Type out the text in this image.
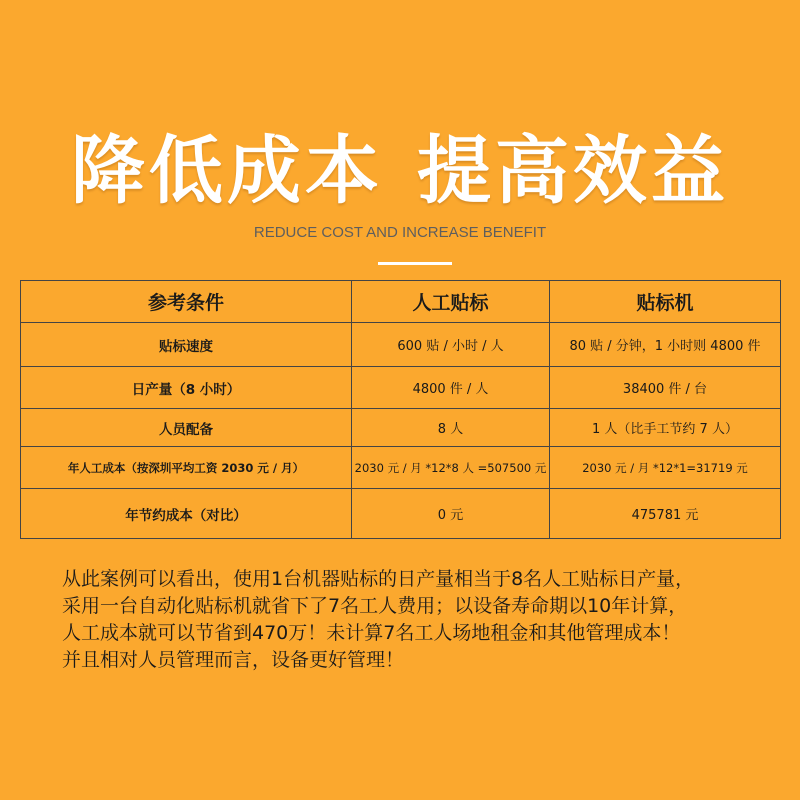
降低成本 提高效益
REDUCE COST AND INCREASE BENEFIT
参考条件	人工贴标	贴标机
贴标速度	600 贴 / 小时 / 人	80 贴 / 分钟，1 小时则 4800 件
日产量（8 小时）	4800 件 / 人	38400 件 / 台
人员配备	8 人	1 人（比手工节约 7 人）
年人工成本（按深圳平均工资 2030 元 / 月）	2030 元 / 月 *12*8 人 =507500 元	2030 元 / 月 *12*1=31719 元
年节约成本（对比）	0 元	475781 元

从此案例可以看出，使用1台机器贴标的日产量相当于8名人工贴标日产量，

采用一台自动化贴标机就省下了7名工人费用；以设备寿命期以10年计算，

人工成本就可以节省到470万！未计算7名工人场地租金和其他管理成本！

并且相对人员管理而言，设备更好管理！
